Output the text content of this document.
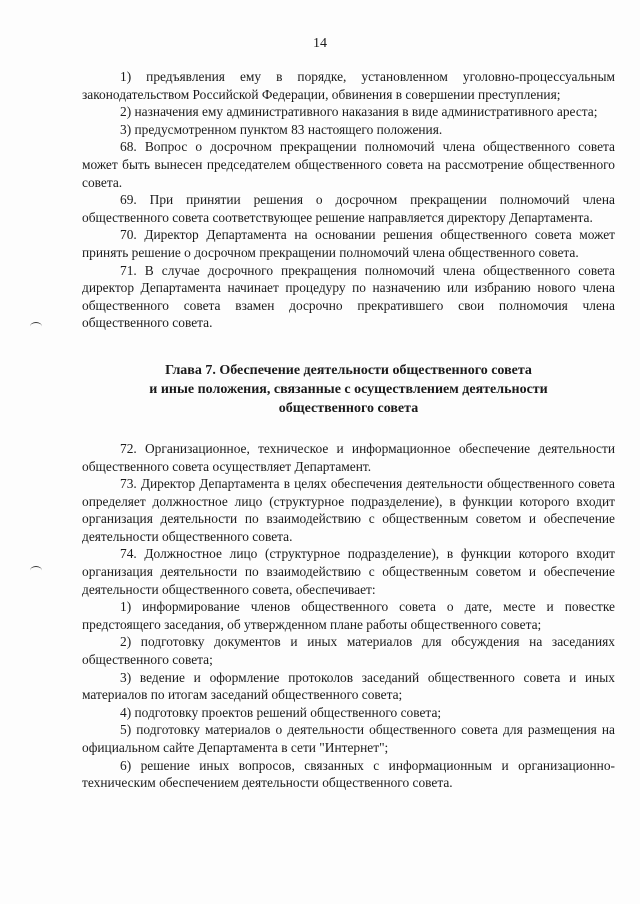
14

1) предъявления ему в порядке, установленном уголовно-процессуальным законодательством Российской Федерации, обвинения в совершении преступления;

2) назначения ему административного наказания в виде административного ареста;

3) предусмотренном пунктом 83 настоящего положения.

68. Вопрос о досрочном прекращении полномочий члена общественного совета может быть вынесен председателем общественного совета на рассмотрение общественного совета.

69. При принятии решения о досрочном прекращении полномочий члена общественного совета соответствующее решение направляется директору Департамента.

70. Директор Департамента на основании решения общественного совета может принять решение о досрочном прекращении полномочий члена общественного совета.

71. В случае досрочного прекращения полномочий члена общественного совета директор Департамента начинает процедуру по назначению или избранию нового члена общественного совета взамен досрочно прекратившего свои полномочия члена общественного совета.

Глава 7. Обеспечение деятельности общественного совета
и иные положения, связанные с осуществлением деятельности
общественного совета

72. Организационное, техническое и информационное обеспечение деятельности общественного совета осуществляет Департамент.

73. Директор Департамента в целях обеспечения деятельности общественного совета определяет должностное лицо (структурное подразделение), в функции которого входит организация деятельности по взаимодействию с общественным советом и обеспечение деятельности общественного совета.

74. Должностное лицо (структурное подразделение), в функции которого входит организация деятельности по взаимодействию с общественным советом и обеспечение деятельности общественного совета, обеспечивает:

1) информирование членов общественного совета о дате, месте и повестке предстоящего заседания, об утвержденном плане работы общественного совета;

2) подготовку документов и иных материалов для обсуждения на заседаниях общественного совета;

3) ведение и оформление протоколов заседаний общественного совета и иных материалов по итогам заседаний общественного совета;

4) подготовку проектов решений общественного совета;

5) подготовку материалов о деятельности общественного совета для размещения на официальном сайте Департамента в сети "Интернет";

6) решение иных вопросов, связанных с информационным и организационно-техническим обеспечением деятельности общественного совета.
